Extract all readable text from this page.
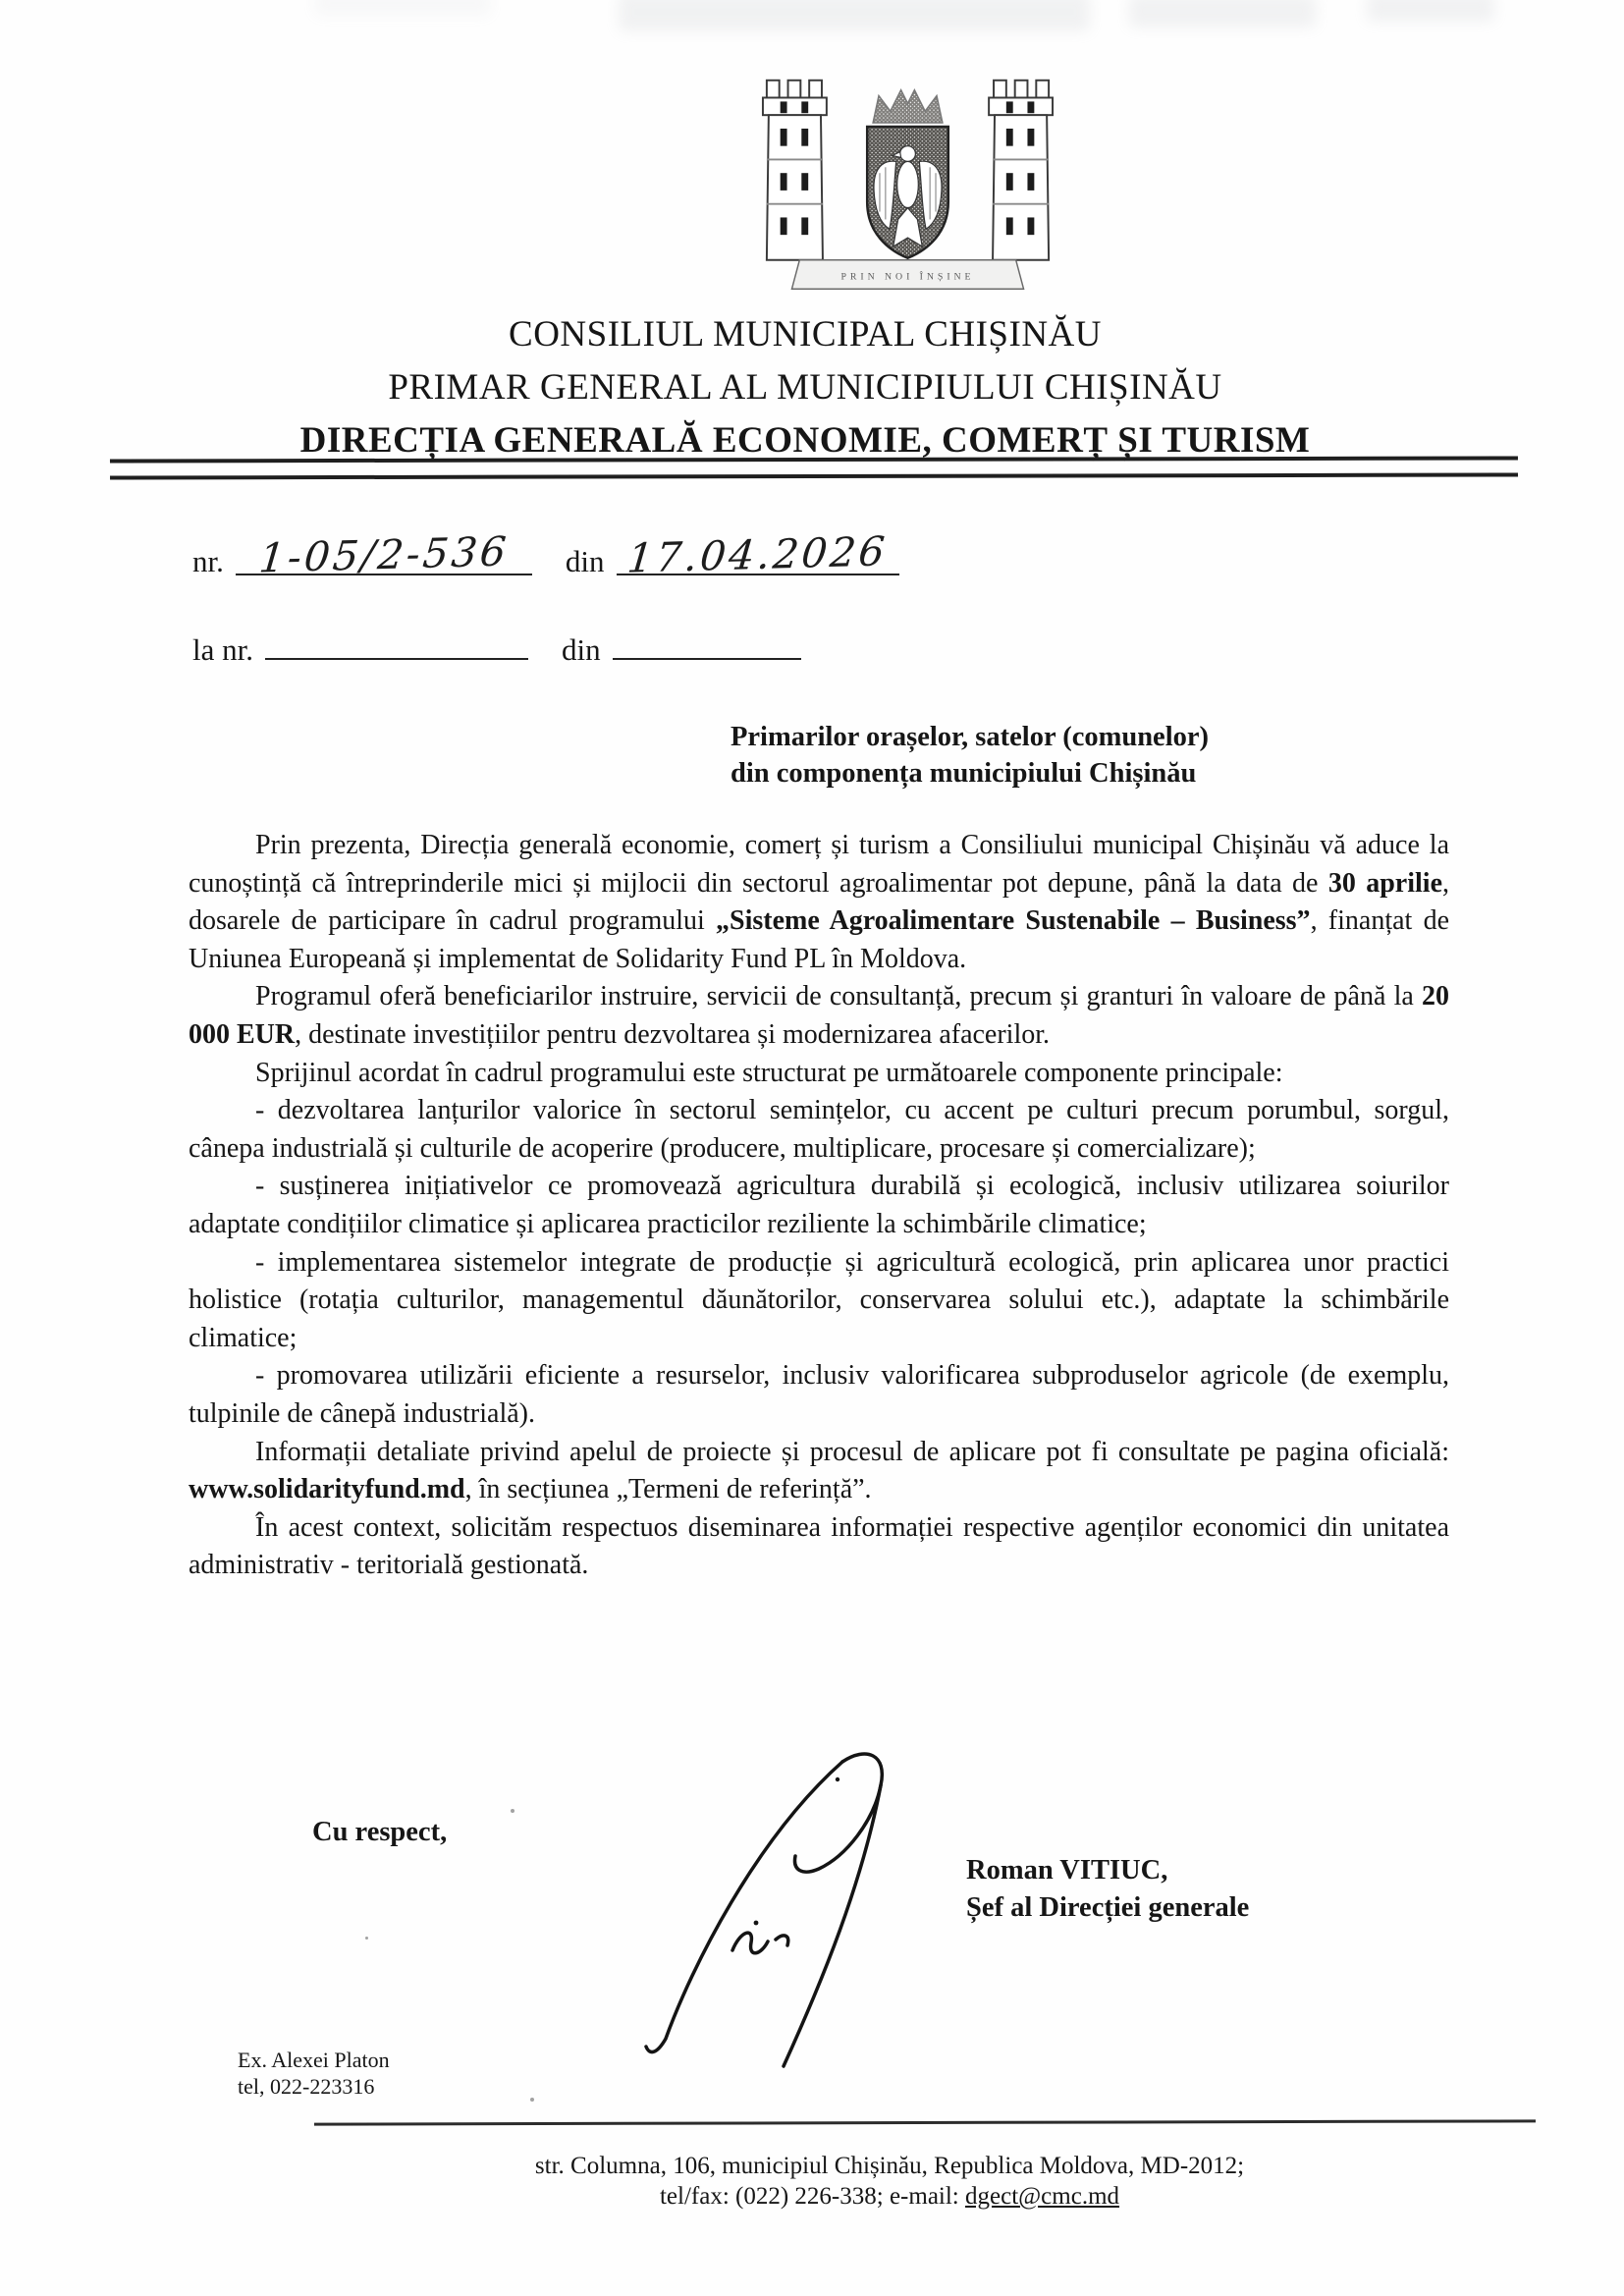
PRIN NOI ÎNȘINE
CONSILIUL MUNICIPAL CHIȘINĂU
PRIMAR GENERAL AL MUNICIPIULUI CHIȘINĂU
DIRECȚIA GENERALĂ ECONOMIE, COMERȚ ȘI TURISM
nr. 1-05/2-536	din 17.04.2026
la nr.	din
Primarilor orașelor, satelor (comunelor)
din componența municipiului Chișinău

Prin prezenta, Direcția generală economie, comerț și turism a Consiliului municipal Chișinău vă aduce la cunoștință că întreprinderile mici și mijlocii din sectorul agroalimentar pot depune, până la data de 30 aprilie, dosarele de participare în cadrul programului „Sisteme Agroalimentare Sustenabile – Business”, finanțat de Uniunea Europeană și implementat de Solidarity Fund PL în Moldova.

Programul oferă beneficiarilor instruire, servicii de consultanță, precum și granturi în valoare de până la 20 000 EUR, destinate investițiilor pentru dezvoltarea și modernizarea afacerilor.

Sprijinul acordat în cadrul programului este structurat pe următoarele componente principale:

- dezvoltarea lanțurilor valorice în sectorul semințelor, cu accent pe culturi precum porumbul, sorgul, cânepa industrială și culturile de acoperire (producere, multiplicare, procesare și comercializare);

- susținerea inițiativelor ce promovează agricultura durabilă și ecologică, inclusiv utilizarea soiurilor adaptate condițiilor climatice și aplicarea practicilor reziliente la schimbările climatice;

- implementarea sistemelor integrate de producție și agricultură ecologică, prin aplicarea unor practici holistice (rotația culturilor, managementul dăunătorilor, conservarea solului etc.), adaptate la schimbările climatice;

- promovarea utilizării eficiente a resurselor, inclusiv valorificarea subproduselor agricole (de exemplu, tulpinile de cânepă industrială).

Informații detaliate privind apelul de proiecte și procesul de aplicare pot fi consultate pe pagina oficială: www.solidarityfund.md, în secțiunea „Termeni de referință”.

În acest context, solicităm respectuos diseminarea informației respective agenților economici din unitatea administrativ - teritorială gestionată.

Cu respect,
Roman VITIUC,
Șef al Direcției generale
Ex. Alexei Platon
tel, 022-223316
str. Columna, 106, municipiul Chișinău, Republica Moldova, MD-2012;
tel/fax: (022) 226-338; e-mail: dgect@cmc.md
